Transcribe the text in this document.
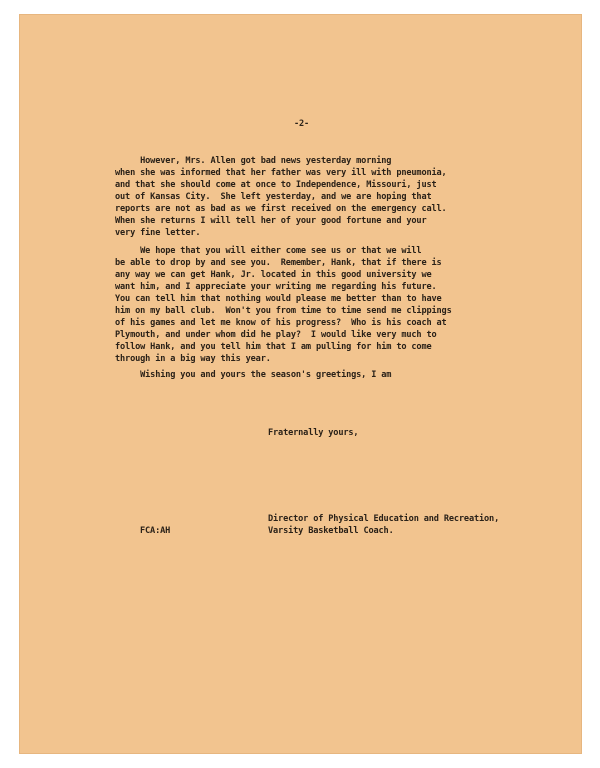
-2-
However, Mrs. Allen got bad news yesterday morning
when she was informed that her father was very ill with pneumonia,
and that she should come at once to Independence, Missouri, just
out of Kansas City.  She left yesterday, and we are hoping that
reports are not as bad as we first received on the emergency call.
When she returns I will tell her of your good fortune and your
very fine letter.
We hope that you will either come see us or that we will
be able to drop by and see you.  Remember, Hank, that if there is
any way we can get Hank, Jr. located in this good university we
want him, and I appreciate your writing me regarding his future.
You can tell him that nothing would please me better than to have
him on my ball club.  Won't you from time to time send me clippings
of his games and let me know of his progress?  Who is his coach at
Plymouth, and under whom did he play?  I would like very much to
follow Hank, and you tell him that I am pulling for him to come
through in a big way this year.
Wishing you and yours the season's greetings, I am
Fraternally yours,
FCA:AH
Director of Physical Education and Recreation,
Varsity Basketball Coach.
